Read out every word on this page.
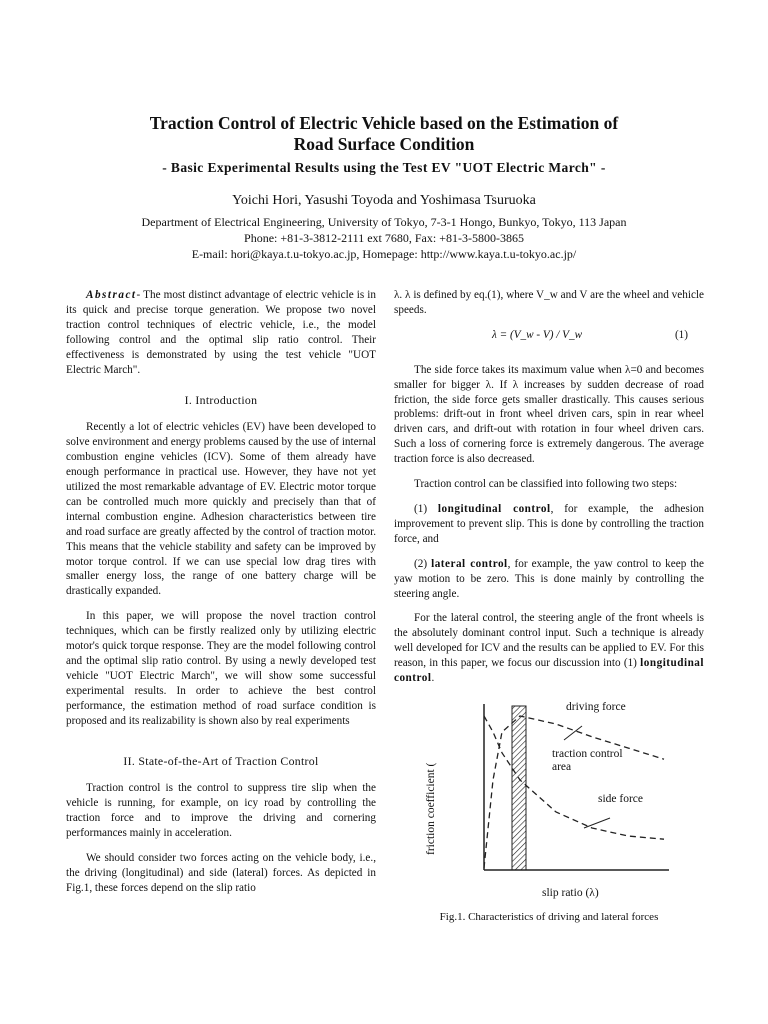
Traction Control of Electric Vehicle based on the Estimation of
Road Surface Condition
- Basic Experimental Results using the Test EV "UOT Electric March" -
Yoichi Hori, Yasushi Toyoda and Yoshimasa Tsuruoka
Department of Electrical Engineering, University of Tokyo, 7-3-1 Hongo, Bunkyo, Tokyo, 113 Japan
Phone: +81-3-3812-2111 ext 7680, Fax: +81-3-5800-3865
E-mail: hori@kaya.t.u-tokyo.ac.jp, Homepage: http://www.kaya.t.u-tokyo.ac.jp/

Abstract- The most distinct advantage of electric vehicle is in its quick and precise torque generation. We propose two novel traction control techniques of electric vehicle, i.e., the model following control and the optimal slip ratio control. Their effectiveness is demonstrated by using the test vehicle "UOT Electric March".

I. Introduction

Recently a lot of electric vehicles (EV) have been developed to solve environment and energy problems caused by the use of internal combustion engine vehicles (ICV). Some of them already have enough performance in practical use. However, they have not yet utilized the most remarkable advantage of EV. Electric motor torque can be controlled much more quickly and precisely than that of internal combustion engine. Adhesion characteristics between tire and road surface are greatly affected by the control of traction motor. This means that the vehicle stability and safety can be improved by motor torque control. If we can use special low drag tires with smaller energy loss, the range of one battery charge will be drastically expanded.

In this paper, we will propose the novel traction control techniques, which can be firstly realized only by utilizing electric motor's quick torque response. They are the model following control and the optimal slip ratio control. By using a newly developed test vehicle "UOT Electric March", we will show some successful experimental results. In order to achieve the best control performance, the estimation method of road surface condition is proposed and its realizability is shown also by real experiments

II. State-of-the-Art of Traction Control

Traction control is the control to suppress tire slip when the vehicle is running, for example, on icy road by controlling the traction force and to improve the driving and cornering performances mainly in acceleration.

We should consider two forces acting on the vehicle body, i.e., the driving (longitudinal) and side (lateral) forces. As depicted in Fig.1, these forces depend on the slip ratio

λ. λ is defined by eq.(1), where V_w and V are the wheel and vehicle speeds.

λ = (V_w - V) / V_w	(1)

The side force takes its maximum value when λ=0 and becomes smaller for bigger λ. If λ increases by sudden decrease of road friction, the side force gets smaller drastically. This causes serious problems: drift-out in front wheel driven cars, spin in rear wheel driven cars, and drift-out with rotation in four wheel driven cars. Such a loss of cornering force is extremely dangerous. The average traction force is also decreased.

Traction control can be classified into following two steps:

(1) longitudinal control, for example, the adhesion improvement to prevent slip. This is done by controlling the traction force, and

(2) lateral control, for example, the yaw control to keep the yaw motion to be zero. This is done mainly by controlling the steering angle.

For the lateral control, the steering angle of the front wheels is the absolutely dominant control input. Such a technique is already well developed for ICV and the results can be applied to EV. For this reason, in this paper, we focus our discussion into (1) longitudinal control.

friction coefficient (
driving force
traction control
area
side force
slip ratio (λ)
Fig.1. Characteristics of driving and lateral forces
